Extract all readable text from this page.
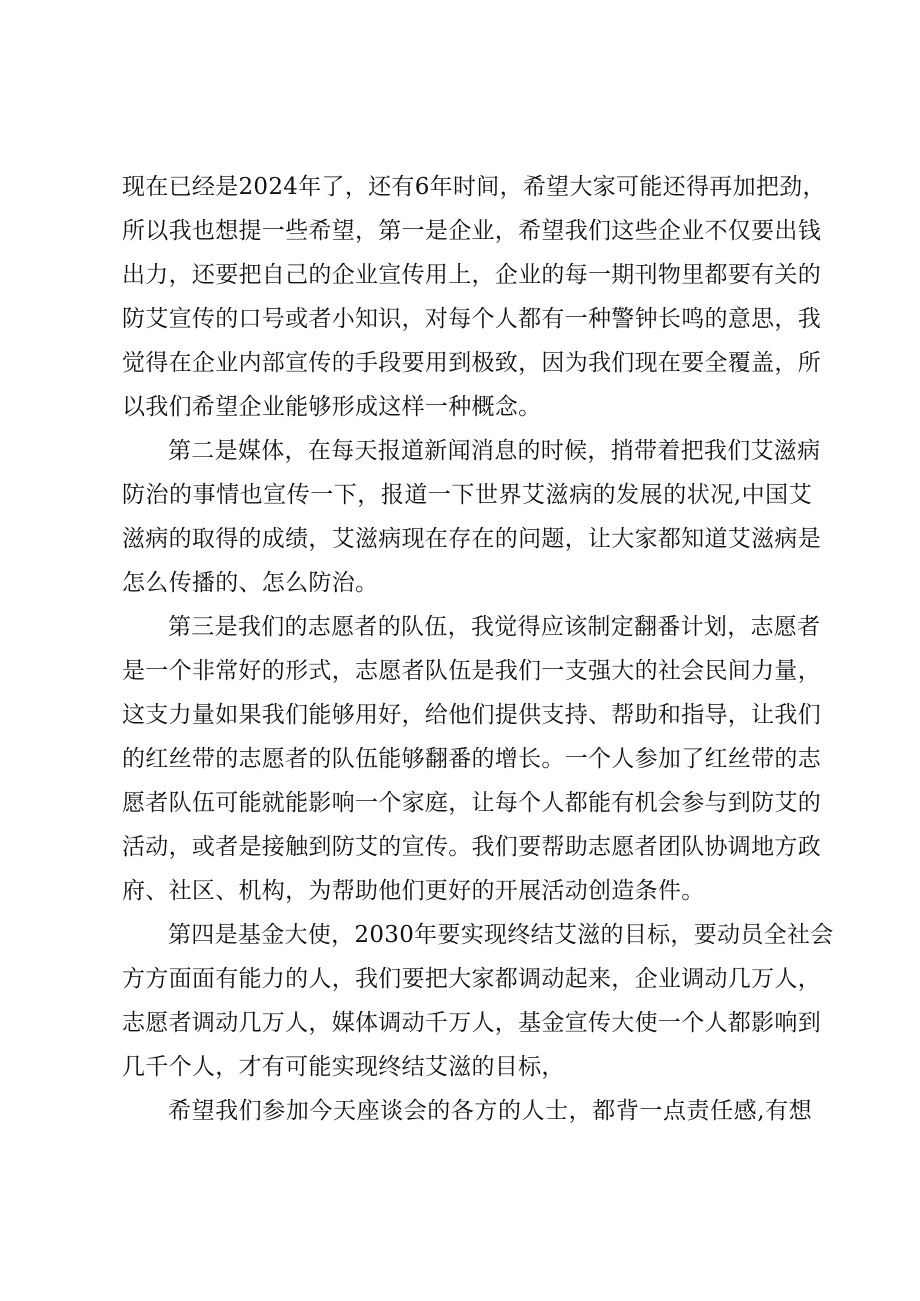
现在已经是2024年了，还有6年时间，希望大家可能还得再加把劲，
所以我也想提一些希望，第一是企业，希望我们这些企业不仅要出钱
出力，还要把自己的企业宣传用上，企业的每一期刊物里都要有关的
防艾宣传的口号或者小知识，对每个人都有一种警钟长鸣的意思，我
觉得在企业内部宣传的手段要用到极致，因为我们现在要全覆盖，所
以我们希望企业能够形成这样一种概念。
第二是媒体，在每天报道新闻消息的时候，捎带着把我们艾滋病
防治的事情也宣传一下，报道一下世界艾滋病的发展的状况,中国艾
滋病的取得的成绩，艾滋病现在存在的问题，让大家都知道艾滋病是
怎么传播的、怎么防治。
第三是我们的志愿者的队伍，我觉得应该制定翻番计划，志愿者
是一个非常好的形式，志愿者队伍是我们一支强大的社会民间力量，
这支力量如果我们能够用好，给他们提供支持、帮助和指导，让我们
的红丝带的志愿者的队伍能够翻番的增长。一个人参加了红丝带的志
愿者队伍可能就能影响一个家庭，让每个人都能有机会参与到防艾的
活动，或者是接触到防艾的宣传。我们要帮助志愿者团队协调地方政
府、社区、机构，为帮助他们更好的开展活动创造条件。
第四是基金大使，2030年要实现终结艾滋的目标，要动员全社会
方方面面有能力的人，我们要把大家都调动起来，企业调动几万人，
志愿者调动几万人，媒体调动千万人，基金宣传大使一个人都影响到
几千个人，才有可能实现终结艾滋的目标，
希望我们参加今天座谈会的各方的人士，都背一点责任感,有想
